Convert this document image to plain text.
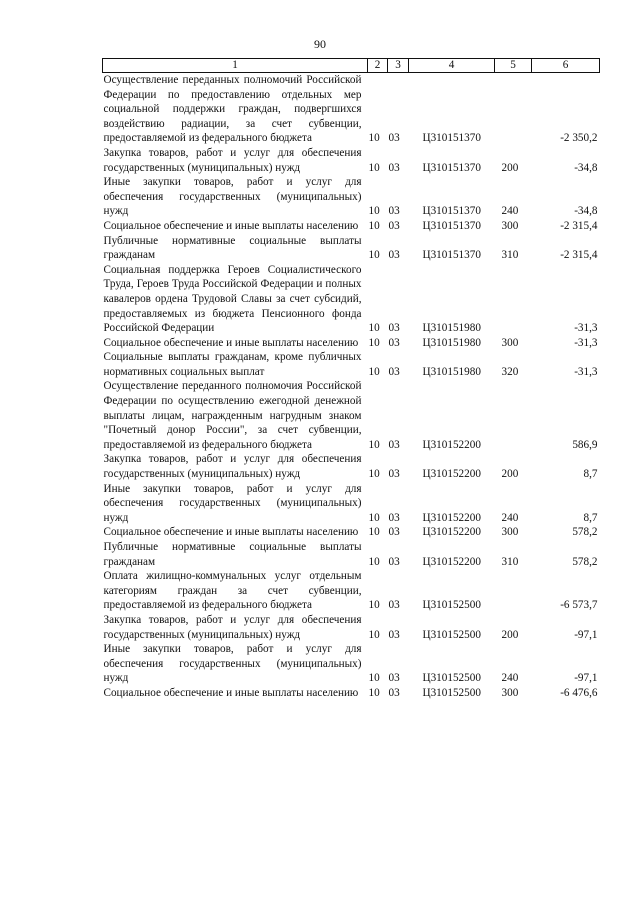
90
1	2	3	4	5	6
Осуществление переданных полномочий Российской Федерации по предоставлению отдельных мер социальной поддержки граждан, подвергшихся воздействию радиации, за счет субвенции, предоставляемой из федерального бюджета	10	03	Ц310151370		-2 350,2
Закупка товаров, работ и услуг для обеспечения государственных (муниципальных) нужд	10	03	Ц310151370	200	-34,8
Иные закупки товаров, работ и услуг для обеспечения государственных (муниципальных) нужд	10	03	Ц310151370	240	-34,8
Социальное обеспечение и иные выплаты населению	10	03	Ц310151370	300	-2 315,4
Публичные нормативные социальные выплаты гражданам	10	03	Ц310151370	310	-2 315,4
Социальная поддержка Героев Социалистического Труда, Героев Труда Российской Федерации и полных кавалеров ордена Трудовой Славы за счет субсидий, предоставляемых из бюджета Пенсионного фонда Российской Федерации	10	03	Ц310151980		-31,3
Социальное обеспечение и иные выплаты населению	10	03	Ц310151980	300	-31,3
Социальные выплаты гражданам, кроме публичных нормативных социальных выплат	10	03	Ц310151980	320	-31,3
Осуществление переданного полномочия Российской Федерации по осуществлению ежегодной денежной выплаты лицам, награжденным нагрудным знаком "Почетный донор России", за счет субвенции, предоставляемой из федерального бюджета	10	03	Ц310152200		586,9
Закупка товаров, работ и услуг для обеспечения государственных (муниципальных) нужд	10	03	Ц310152200	200	8,7
Иные закупки товаров, работ и услуг для обеспечения государственных (муниципальных) нужд	10	03	Ц310152200	240	8,7
Социальное обеспечение и иные выплаты населению	10	03	Ц310152200	300	578,2
Публичные нормативные социальные выплаты гражданам	10	03	Ц310152200	310	578,2
Оплата жилищно-коммунальных услуг отдельным категориям граждан за счет субвенции, предоставляемой из федерального бюджета	10	03	Ц310152500		-6 573,7
Закупка товаров, работ и услуг для обеспечения государственных (муниципальных) нужд	10	03	Ц310152500	200	-97,1
Иные закупки товаров, работ и услуг для обеспечения государственных (муниципальных) нужд	10	03	Ц310152500	240	-97,1
Социальное обеспечение и иные выплаты населению	10	03	Ц310152500	300	-6 476,6
